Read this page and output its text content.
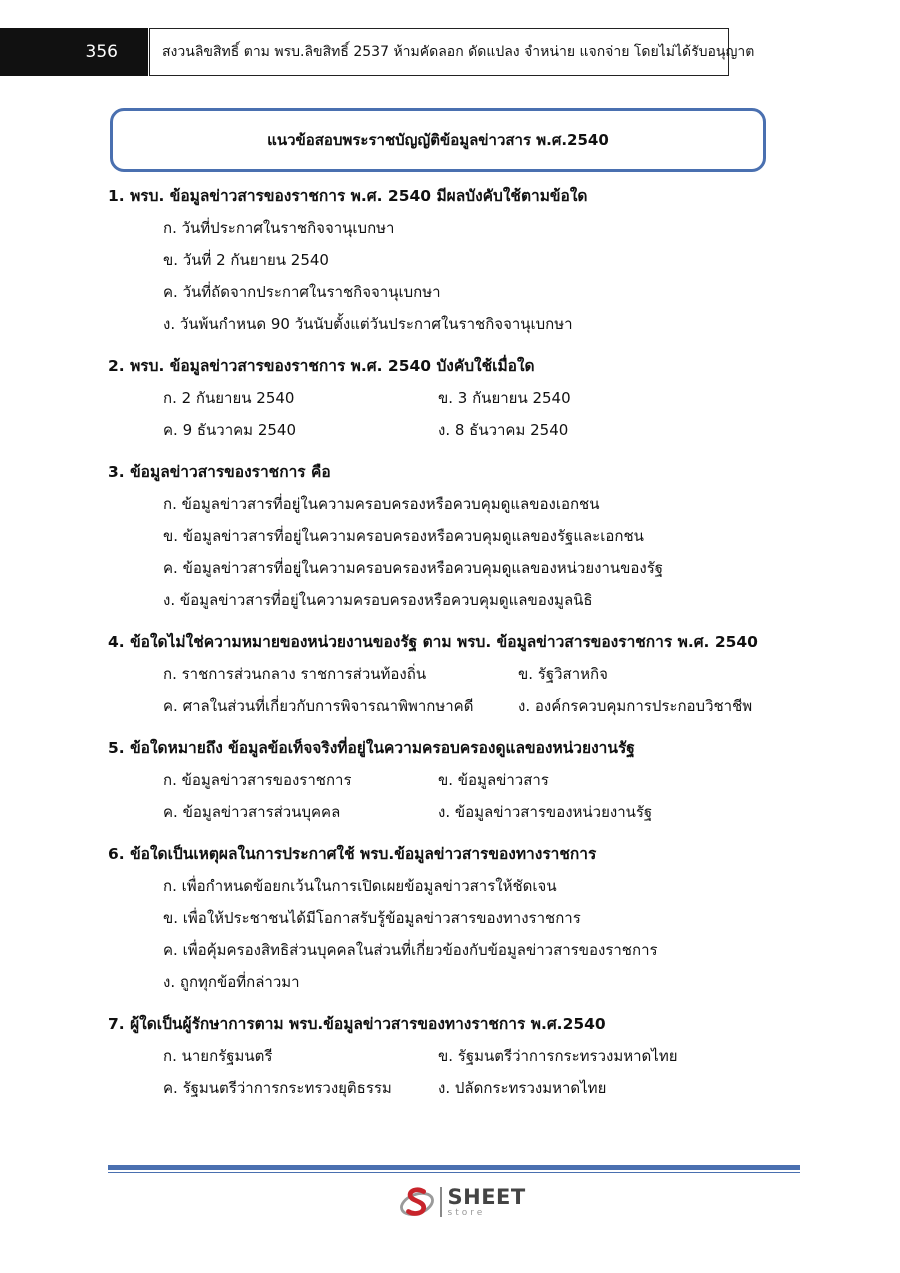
356	สงวนลิขสิทธิ์ ตาม พรบ.ลิขสิทธิ์ 2537 ห้ามคัดลอก ดัดแปลง จำหน่าย แจกจ่าย โดยไม่ได้รับอนุญาต
แนวข้อสอบพระราชบัญญัติข้อมูลข่าวสาร พ.ศ.2540
1. พรบ. ข้อมูลข่าวสารของราชการ พ.ศ. 2540 มีผลบังคับใช้ตามข้อใด
ก. วันที่ประกาศในราชกิจจานุเบกษา
ข. วันที่ 2 กันยายน 2540
ค. วันที่ถัดจากประกาศในราชกิจจานุเบกษา
ง. วันพ้นกำหนด 90 วันนับตั้งแต่วันประกาศในราชกิจจานุเบกษา
2. พรบ. ข้อมูลข่าวสารของราชการ พ.ศ. 2540 บังคับใช้เมื่อใด
ก. 2 กันยายน 2540	ข. 3 กันยายน 2540
ค. 9 ธันวาคม 2540	ง. 8 ธันวาคม 2540
3. ข้อมูลข่าวสารของราชการ คือ
ก. ข้อมูลข่าวสารที่อยู่ในความครอบครองหรือควบคุมดูแลของเอกชน
ข. ข้อมูลข่าวสารที่อยู่ในความครอบครองหรือควบคุมดูแลของรัฐและเอกชน
ค. ข้อมูลข่าวสารที่อยู่ในความครอบครองหรือควบคุมดูแลของหน่วยงานของรัฐ
ง. ข้อมูลข่าวสารที่อยู่ในความครอบครองหรือควบคุมดูแลของมูลนิธิ
4. ข้อใดไม่ใช่ความหมายของหน่วยงานของรัฐ ตาม พรบ. ข้อมูลข่าวสารของราชการ พ.ศ. 2540
ก. ราชการส่วนกลาง ราชการส่วนท้องถิ่น	ข. รัฐวิสาหกิจ
ค. ศาลในส่วนที่เกี่ยวกับการพิจารณาพิพากษาคดี	ง. องค์กรควบคุมการประกอบวิชาชีพ
5. ข้อใดหมายถึง ข้อมูลข้อเท็จจริงที่อยู่ในความครอบครองดูแลของหน่วยงานรัฐ
ก. ข้อมูลข่าวสารของราชการ	ข. ข้อมูลข่าวสาร
ค. ข้อมูลข่าวสารส่วนบุคคล	ง. ข้อมูลข่าวสารของหน่วยงานรัฐ
6. ข้อใดเป็นเหตุผลในการประกาศใช้ พรบ.ข้อมูลข่าวสารของทางราชการ
ก. เพื่อกำหนดข้อยกเว้นในการเปิดเผยข้อมูลข่าวสารให้ชัดเจน
ข. เพื่อให้ประชาชนได้มีโอกาสรับรู้ข้อมูลข่าวสารของทางราชการ
ค. เพื่อคุ้มครองสิทธิส่วนบุคคลในส่วนที่เกี่ยวข้องกับข้อมูลข่าวสารของราชการ
ง. ถูกทุกข้อที่กล่าวมา
7. ผู้ใดเป็นผู้รักษาการตาม พรบ.ข้อมูลข่าวสารของทางราชการ พ.ศ.2540
ก. นายกรัฐมนตรี	ข. รัฐมนตรีว่าการกระทรวงมหาดไทย
ค. รัฐมนตรีว่าการกระทรวงยุติธรรม	ง. ปลัดกระทรวงมหาดไทย
SHEET
store
